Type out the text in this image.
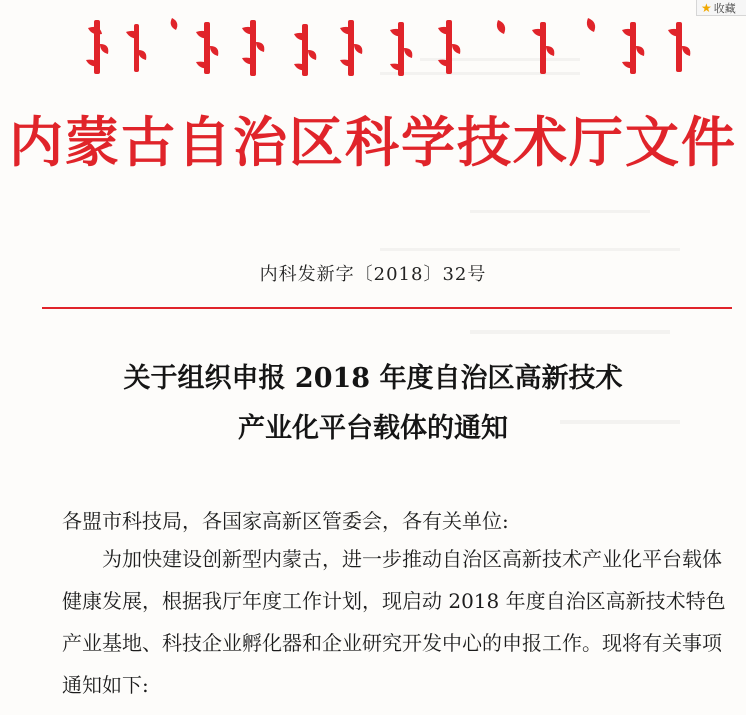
内蒙古自治区科学技术厅文件
内科发新字〔2018〕32号
关于组织申报 2018 年度自治区高新技术
产业化平台载体的通知
各盟市科技局，各国家高新区管委会，各有关单位:
为加快建设创新型内蒙古，进一步推动自治区高新技术产业化平台载体健康发展，根据我厅年度工作计划，现启动 2018 年度自治区高新技术特色产业基地、科技企业孵化器和企业研究开发中心的申报工作。现将有关事项通知如下:
★ 收藏
